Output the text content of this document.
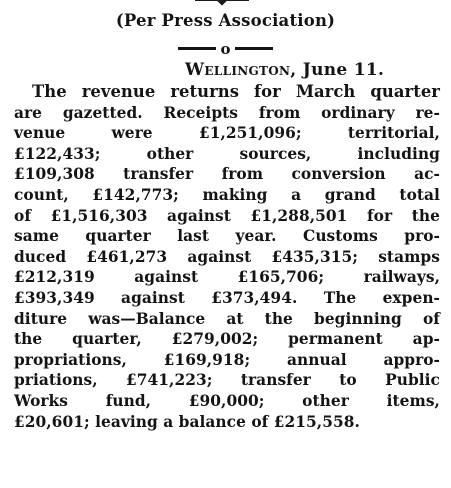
(Per Press Association)
o
Wellington, June 11.
The revenue returns for March quarter
are gazetted. Receipts from ordinary re-
venue	were	£1,251,096;	territorial,
£122,433;	other	sources,	including
£109,308 transfer from conversion ac-
count, £142,773; making a grand total
of £1,516,303 against £1,288,501 for the
same quarter last year. Customs pro-
duced £461,273 against £435,315; stamps
£212,319	against	£165,706;	railways,
£393,349 against £373,494. The expen-
diture was—Balance at the beginning of
the quarter, £279,002; permanent ap-
propriations, £169,918; annual appro-
priations, £741,223; transfer to Public
Works fund, £90,000; other items,
£20,601; leaving a balance of £215,558.
